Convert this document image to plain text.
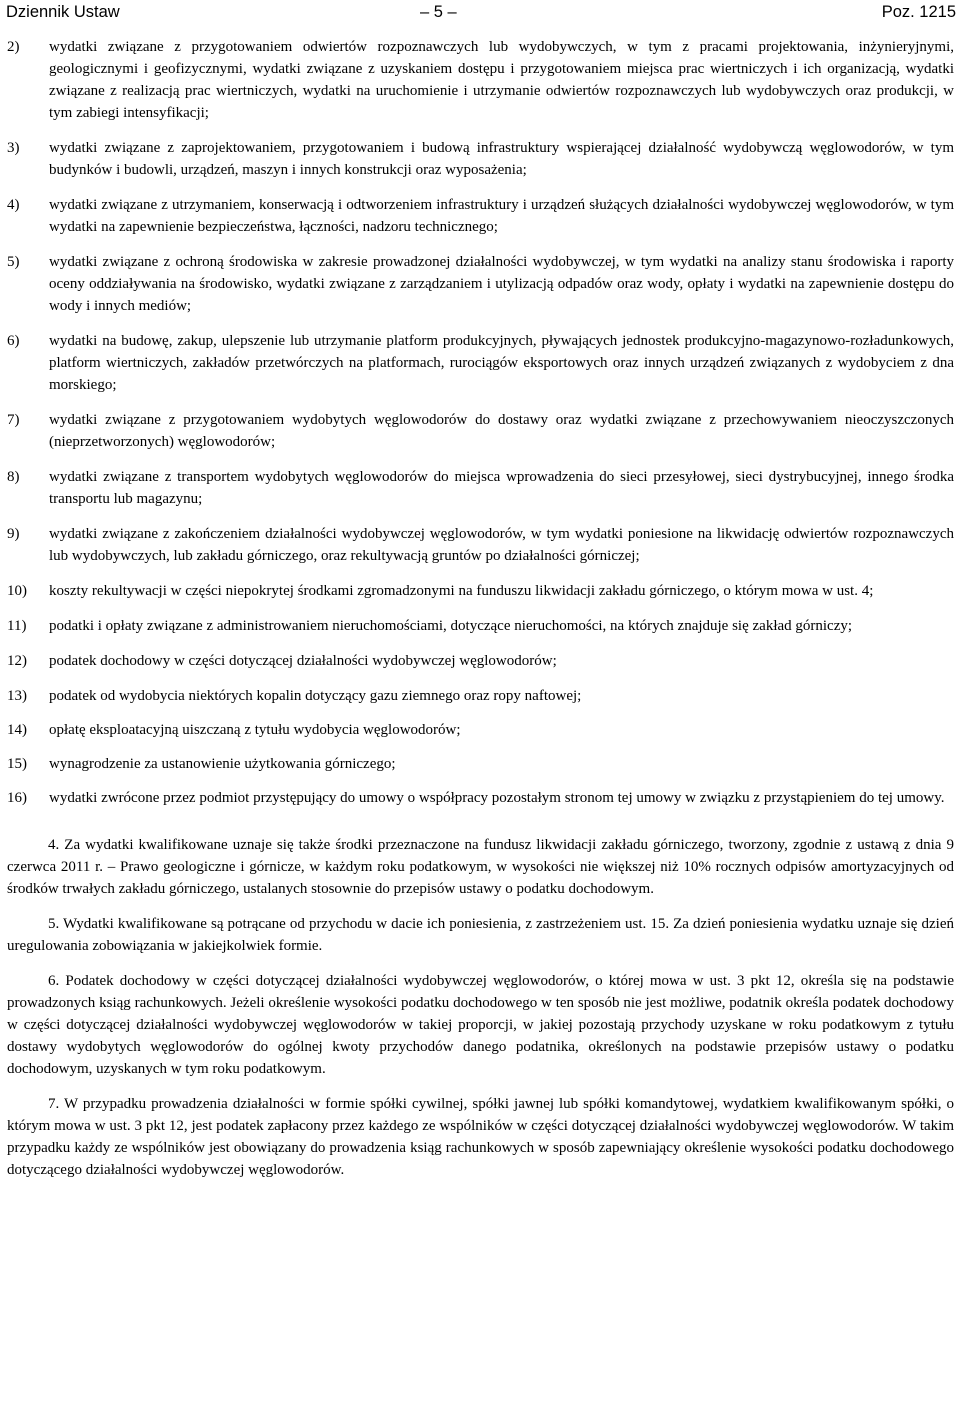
Dziennik Ustaw	– 5 –	Poz. 1215
2)	wydatki związane z przygotowaniem odwiertów rozpoznawczych lub wydobywczych, w tym z pracami projektowania, inżynieryjnymi, geologicznymi i geofizycznymi, wydatki związane z uzyskaniem dostępu i przygotowaniem miejsca prac wiertniczych i ich organizacją, wydatki związane z realizacją prac wiertniczych, wydatki na uruchomienie i utrzymanie odwiertów rozpoznawczych lub wydobywczych oraz produkcji, w tym zabiegi intensyfikacji;
3)	wydatki związane z zaprojektowaniem, przygotowaniem i budową infrastruktury wspierającej działalność wydobywczą węglowodorów, w tym budynków i budowli, urządzeń, maszyn i innych konstrukcji oraz wyposażenia;
4)	wydatki związane z utrzymaniem, konserwacją i odtworzeniem infrastruktury i urządzeń służących działalności wydobywczej węglowodorów, w tym wydatki na zapewnienie bezpieczeństwa, łączności, nadzoru technicznego;
5)	wydatki związane z ochroną środowiska w zakresie prowadzonej działalności wydobywczej, w tym wydatki na analizy stanu środowiska i raporty oceny oddziaływania na środowisko, wydatki związane z zarządzaniem i utylizacją odpadów oraz wody, opłaty i wydatki na zapewnienie dostępu do wody i innych mediów;
6)	wydatki na budowę, zakup, ulepszenie lub utrzymanie platform produkcyjnych, pływających jednostek produkcyjno-magazynowo-rozładunkowych, platform wiertniczych, zakładów przetwórczych na platformach, rurociągów eksportowych oraz innych urządzeń związanych z wydobyciem z dna morskiego;
7)	wydatki związane z przygotowaniem wydobytych węglowodorów do dostawy oraz wydatki związane z przechowywaniem nieoczyszczonych (nieprzetworzonych) węglowodorów;
8)	wydatki związane z transportem wydobytych węglowodorów do miejsca wprowadzenia do sieci przesyłowej, sieci dystrybucyjnej, innego środka transportu lub magazynu;
9)	wydatki związane z zakończeniem działalności wydobywczej węglowodorów, w tym wydatki poniesione na likwidację odwiertów rozpoznawczych lub wydobywczych, lub zakładu górniczego, oraz rekultywacją gruntów po działalności górniczej;
10)	koszty rekultywacji w części niepokrytej środkami zgromadzonymi na funduszu likwidacji zakładu górniczego, o którym mowa w ust. 4;
11)	podatki i opłaty związane z administrowaniem nieruchomościami, dotyczące nieruchomości, na których znajduje się zakład górniczy;
12)	podatek dochodowy w części dotyczącej działalności wydobywczej węglowodorów;
13)	podatek od wydobycia niektórych kopalin dotyczący gazu ziemnego oraz ropy naftowej;
14)	opłatę eksploatacyjną uiszczaną z tytułu wydobycia węglowodorów;
15)	wynagrodzenie za ustanowienie użytkowania górniczego;
16)	wydatki zwrócone przez podmiot przystępujący do umowy o współpracy pozostałym stronom tej umowy w związku z przystąpieniem do tej umowy.

4. Za wydatki kwalifikowane uznaje się także środki przeznaczone na fundusz likwidacji zakładu górniczego, tworzony, zgodnie z ustawą z dnia 9 czerwca 2011 r. – Prawo geologiczne i górnicze, w każdym roku podatkowym, w wysokości nie większej niż 10% rocznych odpisów amortyzacyjnych od środków trwałych zakładu górniczego, ustalanych stosownie do przepisów ustawy o podatku dochodowym.

5. Wydatki kwalifikowane są potrącane od przychodu w dacie ich poniesienia, z zastrzeżeniem ust. 15. Za dzień poniesienia wydatku uznaje się dzień uregulowania zobowiązania w jakiejkolwiek formie.

6. Podatek dochodowy w części dotyczącej działalności wydobywczej węglowodorów, o której mowa w ust. 3 pkt 12, określa się na podstawie prowadzonych ksiąg rachunkowych. Jeżeli określenie wysokości podatku dochodowego w ten sposób nie jest możliwe, podatnik określa podatek dochodowy w części dotyczącej działalności wydobywczej węglowodorów w takiej proporcji, w jakiej pozostają przychody uzyskane w roku podatkowym z tytułu dostawy wydobytych węglowodorów do ogólnej kwoty przychodów danego podatnika, określonych na podstawie przepisów ustawy o podatku dochodowym, uzyskanych w tym roku podatkowym.

7. W przypadku prowadzenia działalności w formie spółki cywilnej, spółki jawnej lub spółki komandytowej, wydatkiem kwalifikowanym spółki, o którym mowa w ust. 3 pkt 12, jest podatek zapłacony przez każdego ze wspólników w części dotyczącej działalności wydobywczej węglowodorów. W takim przypadku każdy ze wspólników jest obowiązany do prowadzenia ksiąg rachunkowych w sposób zapewniający określenie wysokości podatku dochodowego dotyczącego działalności wydobywczej węglowodorów.
